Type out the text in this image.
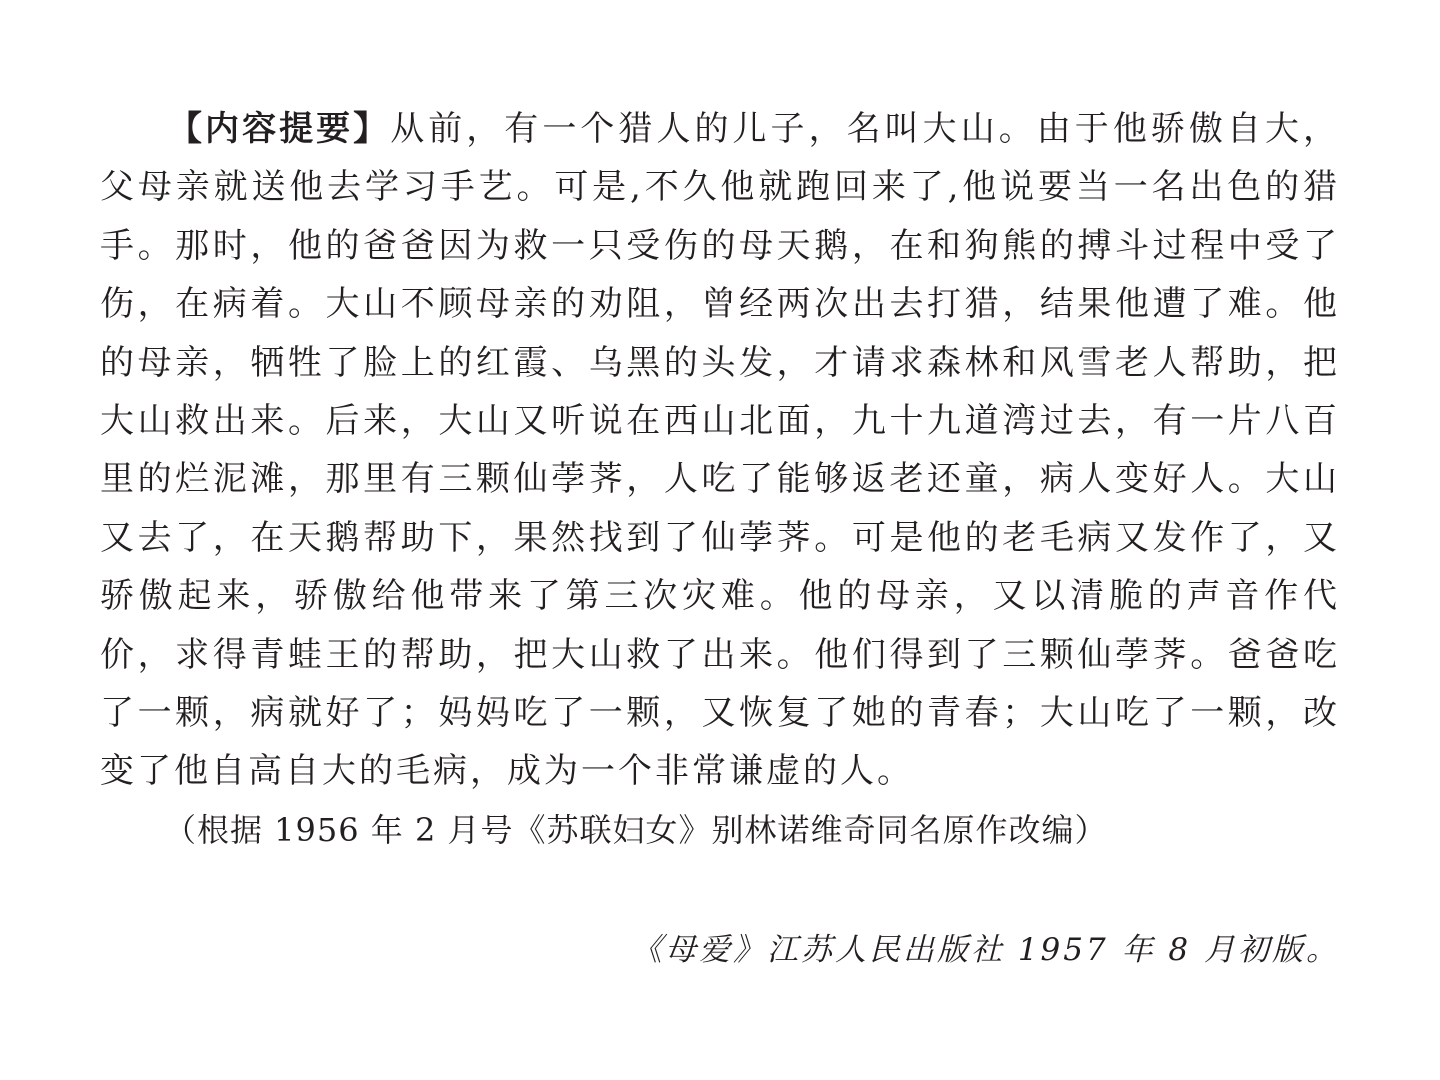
【内容提要】从前，有一个猎人的儿子，名叫大山。由于他骄傲自大，父母亲就送他去学习手艺。可是,不久他就跑回来了,他说要当一名出色的猎手。那时，他的爸爸因为救一只受伤的母天鹅，在和狗熊的搏斗过程中受了伤，在病着。大山不顾母亲的劝阻，曾经两次出去打猎，结果他遭了难。他的母亲，牺牲了脸上的红霞、乌黑的头发，才请求森林和风雪老人帮助，把大山救出来。后来，大山又听说在西山北面，九十九道湾过去，有一片八百里的烂泥滩，那里有三颗仙荸荠，人吃了能够返老还童，病人变好人。大山又去了，在天鹅帮助下，果然找到了仙荸荠。可是他的老毛病又发作了，又骄傲起来，骄傲给他带来了第三次灾难。他的母亲，又以清脆的声音作代价，求得青蛙王的帮助，把大山救了出来。他们得到了三颗仙荸荠。爸爸吃了一颗，病就好了；妈妈吃了一颗，又恢复了她的青春；大山吃了一颗，改变了他自高自大的毛病，成为一个非常谦虚的人。

（根据 1956 年 2 月号《苏联妇女》别林诺维奇同名原作改编）

《母爱》江苏人民出版社 1957 年 8 月初版。
